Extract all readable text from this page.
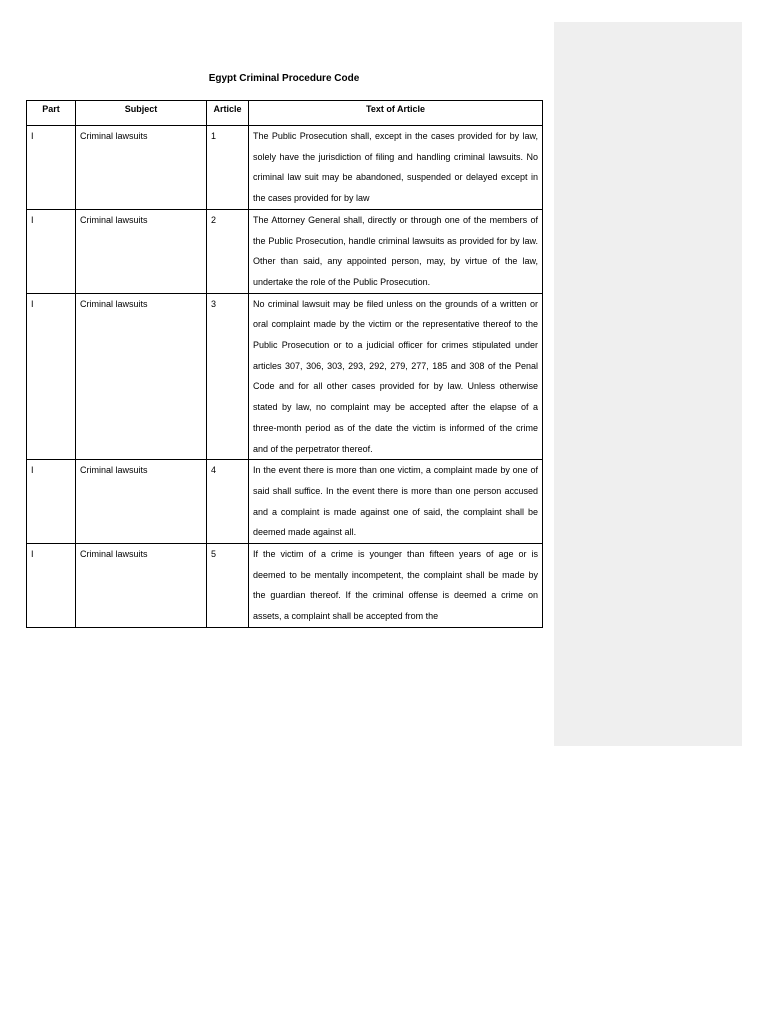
Egypt Criminal Procedure Code
Part	Subject	Article	Text of Article
I	Criminal lawsuits	1	The Public Prosecution shall, except in the cases provided for by law, solely have the jurisdiction of filing and handling criminal lawsuits. No criminal law suit may be abandoned, suspended or delayed except in the cases provided for by law
I	Criminal lawsuits	2	The Attorney General shall, directly or through one of the members of the Public Prosecution, handle criminal lawsuits as provided for by law. Other than said, any appointed person, may, by virtue of the law, undertake the role of the Public Prosecution.
I	Criminal lawsuits	3	No criminal lawsuit may be filed unless on the grounds of a written or oral complaint made by the victim or the representative thereof to the Public Prosecution or to a judicial officer for crimes stipulated under articles 307, 306, 303, 293, 292, 279, 277, 185 and 308 of the Penal Code and for all other cases provided for by law. Unless otherwise stated by law, no complaint may be accepted after the elapse of a three-month period as of the date the victim is informed of the crime and of the perpetrator thereof.
I	Criminal lawsuits	4	In the event there is more than one victim, a complaint made by one of said shall suffice. In the event there is more than one person accused and a complaint is made against one of said, the complaint shall be deemed made against all.
I	Criminal lawsuits	5	If the victim of a crime is younger than fifteen years of age or is deemed to be mentally incompetent, the complaint shall be made by the guardian thereof. If the criminal offense is deemed a crime on assets, a complaint shall be accepted from the
